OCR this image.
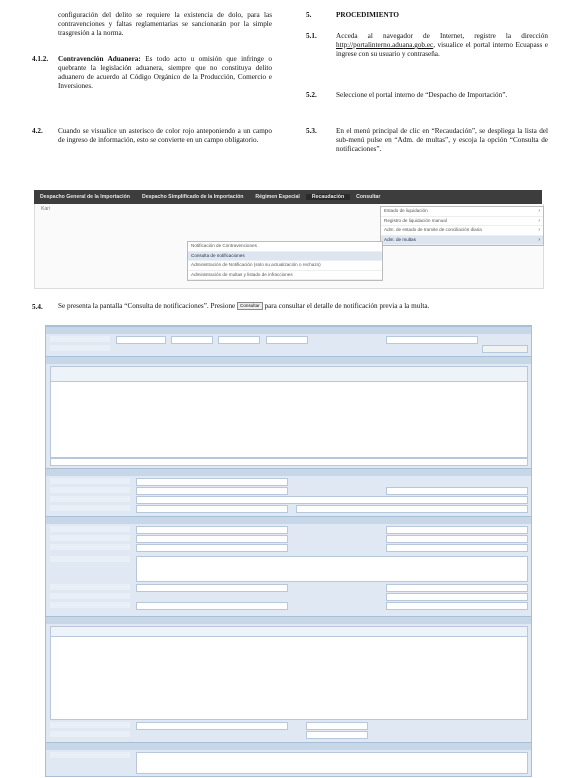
configuración del delito se requiere la existencia de dolo, para las contravenciones y faltas reglamentarias se sancionarán por la simple trasgresión a la norma.
4.1.2. Contravención Aduanera: Es todo acto u omisión que infringe o quebrante la legislación aduanera, siempre que no constituya delito aduanero de acuerdo al Código Orgánico de la Producción, Comercio e Inversiones.
4.2. Cuando se visualice un asterisco de color rojo anteponiendo a un campo de ingreso de información, esto se convierte en un campo obligatorio.
5.	PROCEDIMIENTO
5.1.	Acceda al navegador de Internet, registre la dirección http://portalinterno.aduana.gob.ec, visualice el portal interno Ecuapass e ingrese con su usuario y contraseña.
5.2.	Seleccione el portal interno de “Despacho de Importación”.
5.3.	En el menú principal de clic en “Recaudación”, se despliega la lista del sub-menú pulse en “Adm. de multas”, y escoja la opción “Consulta de notificaciones”.
Despacho General de la Importación	Despacho Simplificado de la Importación	Régimen Especial	Recaudación	Consultar
Kari	Estado de liquidación	›
Registro de liquidación manual	›
Adm. de estado de tramite de conciliación diaria	›
Adm. de multas	›
Notificación de Contravenciones
Consulta de notificaciones
Administración de Notificación (solo su actualización o rechazo)
Administración de multas y listado de infracciones
5.4. Se presenta la pantalla “Consulta de notificaciones”. Presione Consultar para consultar el detalle de notificación previa a la multa.
